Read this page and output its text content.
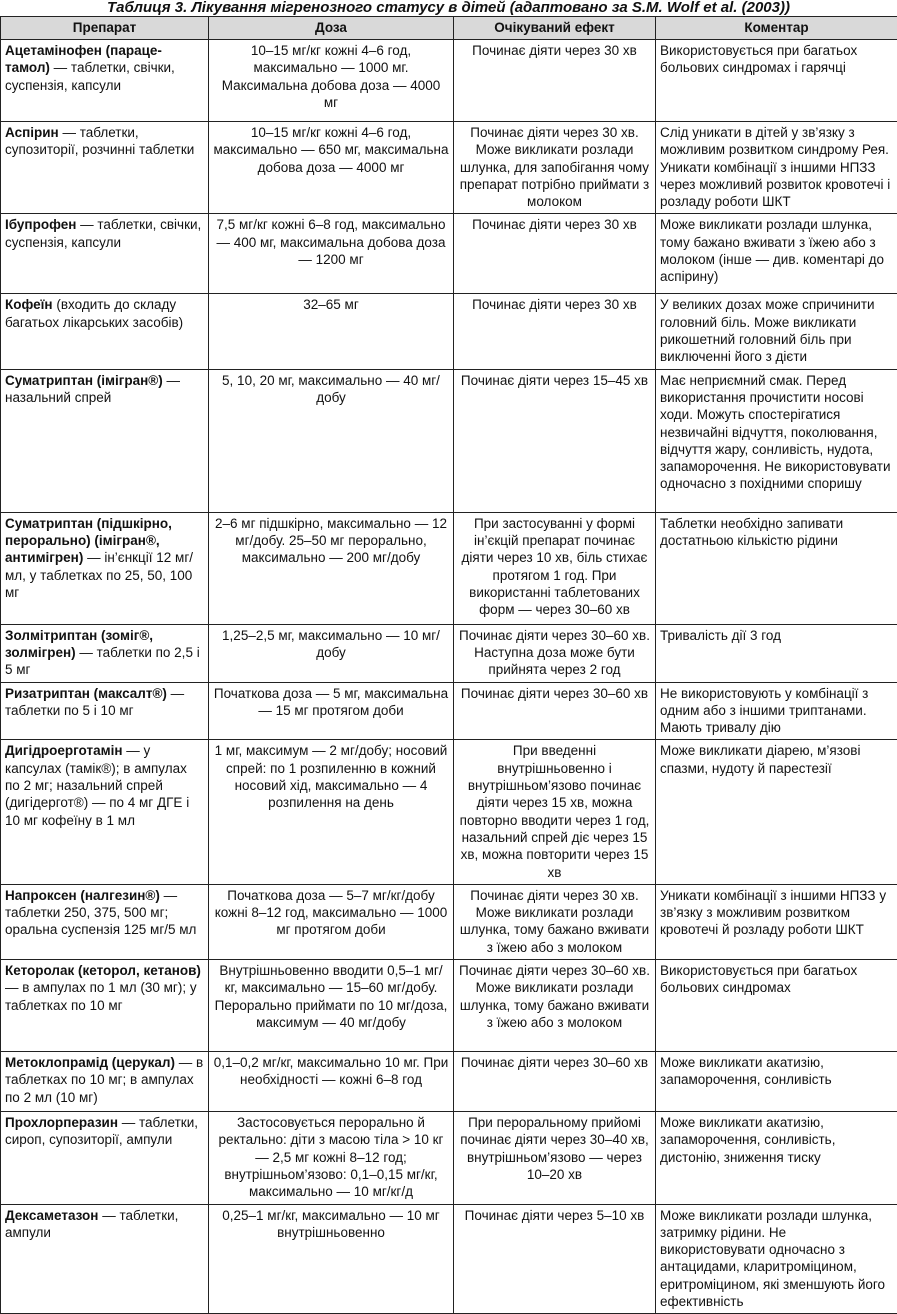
Таблиця 3. Лікування мігренозного статусу в дітей (адаптовано за S.M. Wolf et al. (2003))
Препарат	Доза	Очікуваний ефект	Коментар
Ацетамінофен (параце-тамол) — таблетки, свічки, суспензія, капсули	10–15 мг/кг кожні 4–6 год, максимально — 1000 мг. Максимальна добова доза — 4000 мг	Починає діяти через 30 хв	Використовується при багатьох больових синдромах і гарячці
Аспірин — таблетки, супозиторії, розчинні таблетки	10–15 мг/кг кожні 4–6 год, максимально — 650 мг, максимальна добова доза — 4000 мг	Починає діяти через 30 хв. Може викликати розлади шлунка, для запобігання чому препарат потрібно приймати з молоком	Слід уникати в дітей у зв’язку з можливим розвитком синдрому Рея. Уникати комбінації з іншими НПЗЗ через можливий розвиток кровотечі і розладу роботи ШКТ
Ібупрофен — таблетки, свічки, суспензія, капсули	7,5 мг/кг кожні 6–8 год, максимально — 400 мг, максимальна добова доза — 1200 мг	Починає діяти через 30 хв	Може викликати розлади шлунка, тому бажано вживати з їжею або з молоком (інше — див. коментарі до аспірину)
Кофеїн (входить до складу багатьох лікарських засобів)	32–65 мг	Починає діяти через 30 хв	У великих дозах може спричинити головний біль. Може викликати рикошетний головний біль при виключенні його з дієти
Суматриптан (імігран®) — назальний спрей	5, 10, 20 мг, максимально — 40 мг/добу	Починає діяти через 15–45 хв	Має неприємний смак. Перед використання прочистити носові ходи. Можуть спостерігатися незвичайні відчуття, поколювання, відчуття жару, сонливість, нудота, запаморочення. Не використовувати одночасно з похідними споришу
Суматриптан (підшкірно, перорально) (імігран®, антимігрен) — ін’єнкції 12 мг/мл, у таблетках по 25, 50, 100 мг	2–6 мг підшкірно, максимально — 12 мг/добу. 25–50 мг перорально, максимально — 200 мг/добу	При застосуванні у формі ін’єкцій препарат починає діяти через 10 хв, біль стихає протягом 1 год. При використанні таблетованих форм — через 30–60 хв	Таблетки необхідно запивати достатньою кількістю рідини
Золмітриптан (зоміг®, золмігрен) — таблетки по 2,5 і 5 мг	1,25–2,5 мг, максимально — 10 мг/добу	Починає діяти через 30–60 хв. Наступна доза може бути прийнята через 2 год	Тривалість дії 3 год
Ризатриптан (максалт®) — таблетки по 5 і 10 мг	Початкова доза — 5 мг, максимальна — 15 мг протягом доби	Починає діяти через 30–60 хв	Не використовують у комбінації з одним або з іншими триптанами. Мають тривалу дію
Дигідроерготамін — у капсулах (тамік®); в ампулах по 2 мг; назальний спрей (дигідергот®) — по 4 мг ДГЕ і 10 мг кофеїну в 1 мл	1 мг, максимум — 2 мг/добу; носовий спрей: по 1 розпиленню в кожний носовий хід, максимально — 4 розпилення на день	При введенні внутрішньовенно і внутрішньом’язово починає діяти через 15 хв, можна повторно вводити через 1 год, назальний спрей діє через 15 хв, можна повторити через 15 хв	Може викликати діарею, м’язові спазми, нудоту й парестезії
Напроксен (налгезин®) — таблетки 250, 375, 500 мг; оральна суспензія 125 мг/5 мл	Початкова доза — 5–7 мг/кг/добу кожні 8–12 год, максимально — 1000 мг протягом доби	Починає діяти через 30 хв. Може викликати розлади шлунка, тому бажано вживати з їжею або з молоком	Уникати комбінації з іншими НПЗЗ у зв’язку з можливим розвитком кровотечі й розладу роботи ШКТ
Кеторолак (кеторол, кетанов) — в ампулах по 1 мл (30 мг); у таблетках по 10 мг	Внутрішньовенно вводити 0,5–1 мг/кг, максимально — 15–60 мг/добу. Перорально приймати по 10 мг/доза, максимум — 40 мг/добу	Починає діяти через 30–60 хв. Може викликати розлади шлунка, тому бажано вживати з їжею або з молоком	Використовується при багатьох больових синдромах
Метоклопрамід (церукал) — в таблетках по 10 мг; в ампулах по 2 мл (10 мг)	0,1–0,2 мг/кг, максимально 10 мг. При необхідності — кожні 6–8 год	Починає діяти через 30–60 хв	Може викликати акатизію, запаморочення, сонливість
Прохлорперазин — таблетки, сироп, супозиторії, ампули	Застосовується перорально й ректально: діти з масою тіла > 10 кг — 2,5 мг кожні 8–12 год; внутрішньом’язово: 0,1–0,15 мг/кг, максимально — 10 мг/кг/д	При пероральному прийомі починає діяти через 30–40 хв, внутрішньом’язово — через 10–20 хв	Може викликати акатизію, запаморочення, сонливість, дистонію, зниження тиску
Дексаметазон — таблетки, ампули	0,25–1 мг/кг, максимально — 10 мг внутрішньовенно	Починає діяти через 5–10 хв	Може викликати розлади шлунка, затримку рідини. Не використовувати одночасно з антацидами, кларитроміцином, еритроміцином, які зменшують його ефективність
